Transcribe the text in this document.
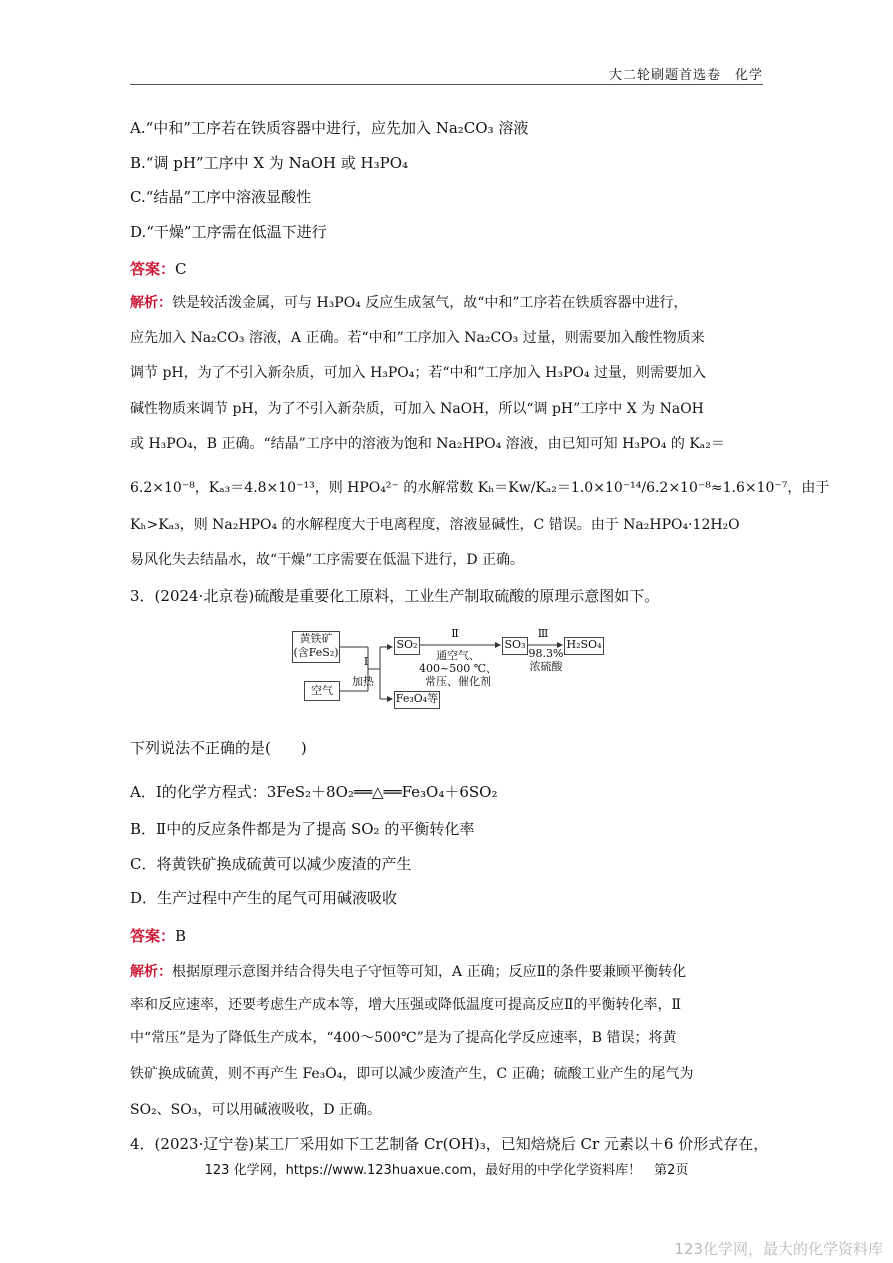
大二轮刷题首选卷　化学
A.“中和”工序若在铁质容器中进行，应先加入 Na₂CO₃ 溶液
B.“调 pH”工序中 X 为 NaOH 或 H₃PO₄
C.“结晶”工序中溶液显酸性
D.“干燥”工序需在低温下进行
答案：C
解析：铁是较活泼金属，可与 H₃PO₄ 反应生成氢气，故“中和”工序若在铁质容器中进行，
应先加入 Na₂CO₃ 溶液，A 正确。若“中和”工序加入 Na₂CO₃ 过量，则需要加入酸性物质来
调节 pH，为了不引入新杂质，可加入 H₃PO₄；若“中和”工序加入 H₃PO₄ 过量，则需要加入
碱性物质来调节 pH，为了不引入新杂质，可加入 NaOH，所以“调 pH”工序中 X 为 NaOH
或 H₃PO₄，B 正确。“结晶”工序中的溶液为饱和 Na₂HPO₄ 溶液，由已知可知 H₃PO₄ 的 Kₐ₂＝
6.2×10⁻⁸，Kₐ₃＝4.8×10⁻¹³，则 HPO₄²⁻ 的水解常数 Kₕ＝Kw/Kₐ₂＝1.0×10⁻¹⁴/6.2×10⁻⁸≈1.6×10⁻⁷，由于
Kₕ>Kₐ₃，则 Na₂HPO₄ 的水解程度大于电离程度，溶液显碱性，C 错误。由于 Na₂HPO₄·12H₂O
易风化失去结晶水，故“干燥”工序需要在低温下进行，D 正确。
3．(2024·北京卷)硫酸是重要化工原料，工业生产制取硫酸的原理示意图如下。
黄铁矿
(含FeS₂)
空气
Ⅰ
加热
SO₂
Fe₃O₄等
Ⅱ
通空气、
400~500 ℃、
常压、催化剂
SO₃
Ⅲ
98.3%
浓硫酸
H₂SO₄
下列说法不正确的是(　　)
A．Ⅰ的化学方程式：3FeS₂＋8O₂══△══Fe₃O₄＋6SO₂
B．Ⅱ中的反应条件都是为了提高 SO₂ 的平衡转化率
C．将黄铁矿换成硫黄可以减少废渣的产生
D．生产过程中产生的尾气可用碱液吸收
答案：B
解析：根据原理示意图并结合得失电子守恒等可知，A 正确；反应Ⅱ的条件要兼顾平衡转化
率和反应速率，还要考虑生产成本等，增大压强或降低温度可提高反应Ⅱ的平衡转化率，Ⅱ
中“常压”是为了降低生产成本，“400～500℃”是为了提高化学反应速率，B 错误；将黄
铁矿换成硫黄，则不再产生 Fe₃O₄，即可以减少废渣产生，C 正确；硫酸工业产生的尾气为
SO₂、SO₃，可以用碱液吸收，D 正确。
4．(2023·辽宁卷)某工厂采用如下工艺制备 Cr(OH)₃，已知焙烧后 Cr 元素以＋6 价形式存在，
123 化学网，https://www.123huaxue.com，最好用的中学化学资料库！　第2页
123化学网，最大的化学资料库
